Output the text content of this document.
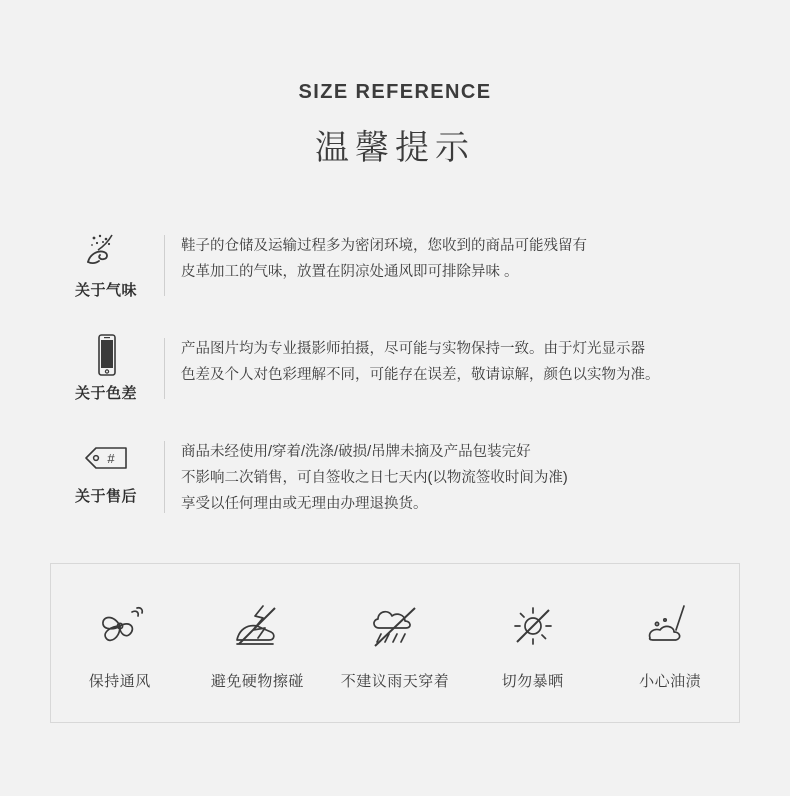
SIZE REFERENCE
温馨提示
关于气味
鞋子的仓储及运输过程多为密闭环境，您收到的商品可能残留有
皮革加工的气味，放置在阴凉处通风即可排除异味 。
关于色差
产品图片均为专业摄影师拍摄，尽可能与实物保持一致。由于灯光显示器
色差及个人对色彩理解不同，可能存在误差，敬请谅解，颜色以实物为准。
#
关于售后
商品未经使用/穿着/洗涤/破损/吊牌未摘及产品包装完好
不影响二次销售，可自签收之日七天内(以物流签收时间为准)
享受以任何理由或无理由办理退换货。
保持通风	避免硬物擦碰	不建议雨天穿着	切勿暴晒	小心油渍
